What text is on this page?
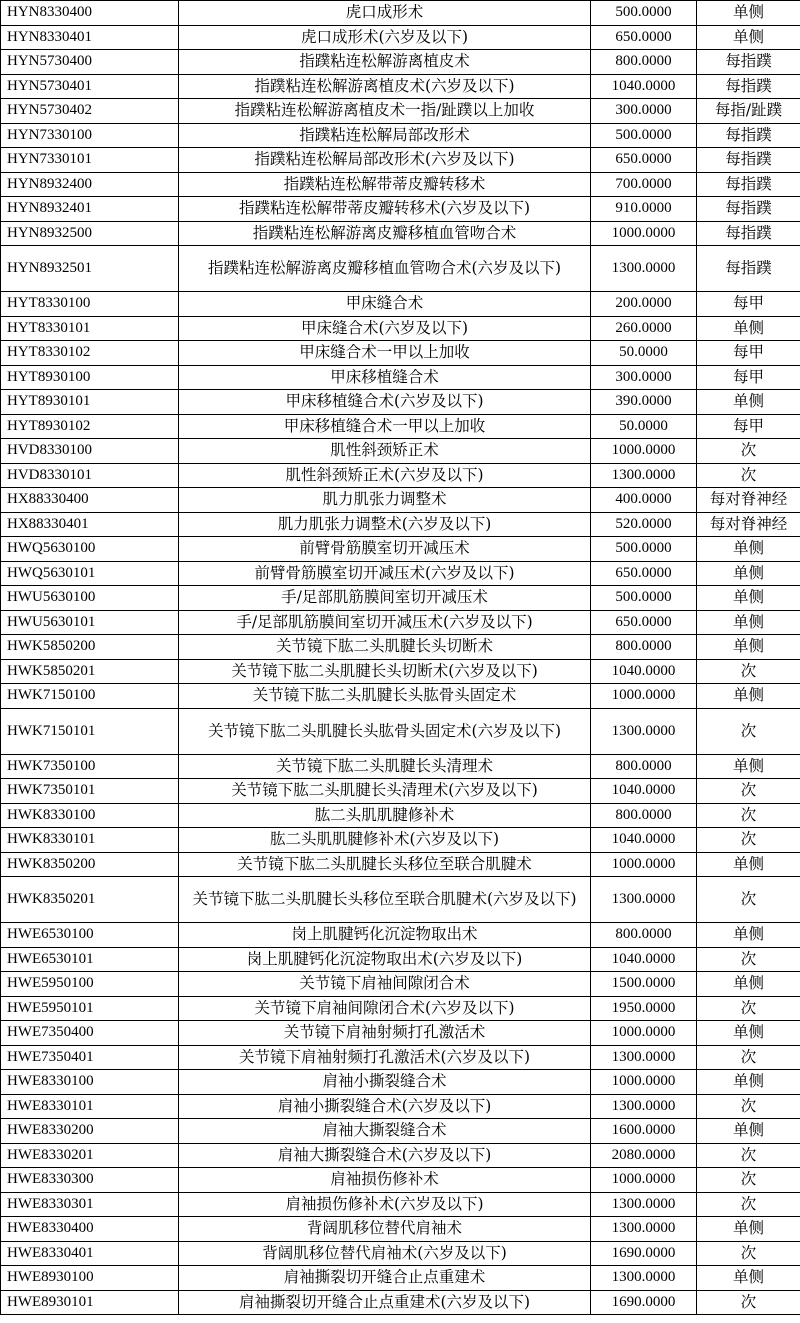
HYN8330400	虎口成形术	500.0000	单侧
HYN8330401	虎口成形术(六岁及以下)	650.0000	单侧
HYN5730400	指蹼粘连松解游离植皮术	800.0000	每指蹼
HYN5730401	指蹼粘连松解游离植皮术(六岁及以下)	1040.0000	每指蹼
HYN5730402	指蹼粘连松解游离植皮术一指/趾蹼以上加收	300.0000	每指/趾蹼
HYN7330100	指蹼粘连松解局部改形术	500.0000	每指蹼
HYN7330101	指蹼粘连松解局部改形术(六岁及以下)	650.0000	每指蹼
HYN8932400	指蹼粘连松解带蒂皮瓣转移术	700.0000	每指蹼
HYN8932401	指蹼粘连松解带蒂皮瓣转移术(六岁及以下)	910.0000	每指蹼
HYN8932500	指蹼粘连松解游离皮瓣移植血管吻合术	1000.0000	每指蹼
HYN8932501	指蹼粘连松解游离皮瓣移植血管吻合术(六岁及以下)	1300.0000	每指蹼
HYT8330100	甲床缝合术	200.0000	每甲
HYT8330101	甲床缝合术(六岁及以下)	260.0000	单侧
HYT8330102	甲床缝合术一甲以上加收	50.0000	每甲
HYT8930100	甲床移植缝合术	300.0000	每甲
HYT8930101	甲床移植缝合术(六岁及以下)	390.0000	单侧
HYT8930102	甲床移植缝合术一甲以上加收	50.0000	每甲
HVD8330100	肌性斜颈矫正术	1000.0000	次
HVD8330101	肌性斜颈矫正术(六岁及以下)	1300.0000	次
HX88330400	肌力肌张力调整术	400.0000	每对脊神经
HX88330401	肌力肌张力调整术(六岁及以下)	520.0000	每对脊神经
HWQ5630100	前臂骨筋膜室切开减压术	500.0000	单侧
HWQ5630101	前臂骨筋膜室切开减压术(六岁及以下)	650.0000	单侧
HWU5630100	手/足部肌筋膜间室切开减压术	500.0000	单侧
HWU5630101	手/足部肌筋膜间室切开减压术(六岁及以下)	650.0000	单侧
HWK5850200	关节镜下肱二头肌腱长头切断术	800.0000	单侧
HWK5850201	关节镜下肱二头肌腱长头切断术(六岁及以下)	1040.0000	次
HWK7150100	关节镜下肱二头肌腱长头肱骨头固定术	1000.0000	单侧
HWK7150101	关节镜下肱二头肌腱长头肱骨头固定术(六岁及以下)	1300.0000	次
HWK7350100	关节镜下肱二头肌腱长头清理术	800.0000	单侧
HWK7350101	关节镜下肱二头肌腱长头清理术(六岁及以下)	1040.0000	次
HWK8330100	肱二头肌肌腱修补术	800.0000	次
HWK8330101	肱二头肌肌腱修补术(六岁及以下)	1040.0000	次
HWK8350200	关节镜下肱二头肌腱长头移位至联合肌腱术	1000.0000	单侧
HWK8350201	关节镜下肱二头肌腱长头移位至联合肌腱术(六岁及以下)	1300.0000	次
HWE6530100	岗上肌腱钙化沉淀物取出术	800.0000	单侧
HWE6530101	岗上肌腱钙化沉淀物取出术(六岁及以下)	1040.0000	次
HWE5950100	关节镜下肩袖间隙闭合术	1500.0000	单侧
HWE5950101	关节镜下肩袖间隙闭合术(六岁及以下)	1950.0000	次
HWE7350400	关节镜下肩袖射频打孔激活术	1000.0000	单侧
HWE7350401	关节镜下肩袖射频打孔激活术(六岁及以下)	1300.0000	次
HWE8330100	肩袖小撕裂缝合术	1000.0000	单侧
HWE8330101	肩袖小撕裂缝合术(六岁及以下)	1300.0000	次
HWE8330200	肩袖大撕裂缝合术	1600.0000	单侧
HWE8330201	肩袖大撕裂缝合术(六岁及以下)	2080.0000	次
HWE8330300	肩袖损伤修补术	1000.0000	次
HWE8330301	肩袖损伤修补术(六岁及以下)	1300.0000	次
HWE8330400	背阔肌移位替代肩袖术	1300.0000	单侧
HWE8330401	背阔肌移位替代肩袖术(六岁及以下)	1690.0000	次
HWE8930100	肩袖撕裂切开缝合止点重建术	1300.0000	单侧
HWE8930101	肩袖撕裂切开缝合止点重建术(六岁及以下)	1690.0000	次
